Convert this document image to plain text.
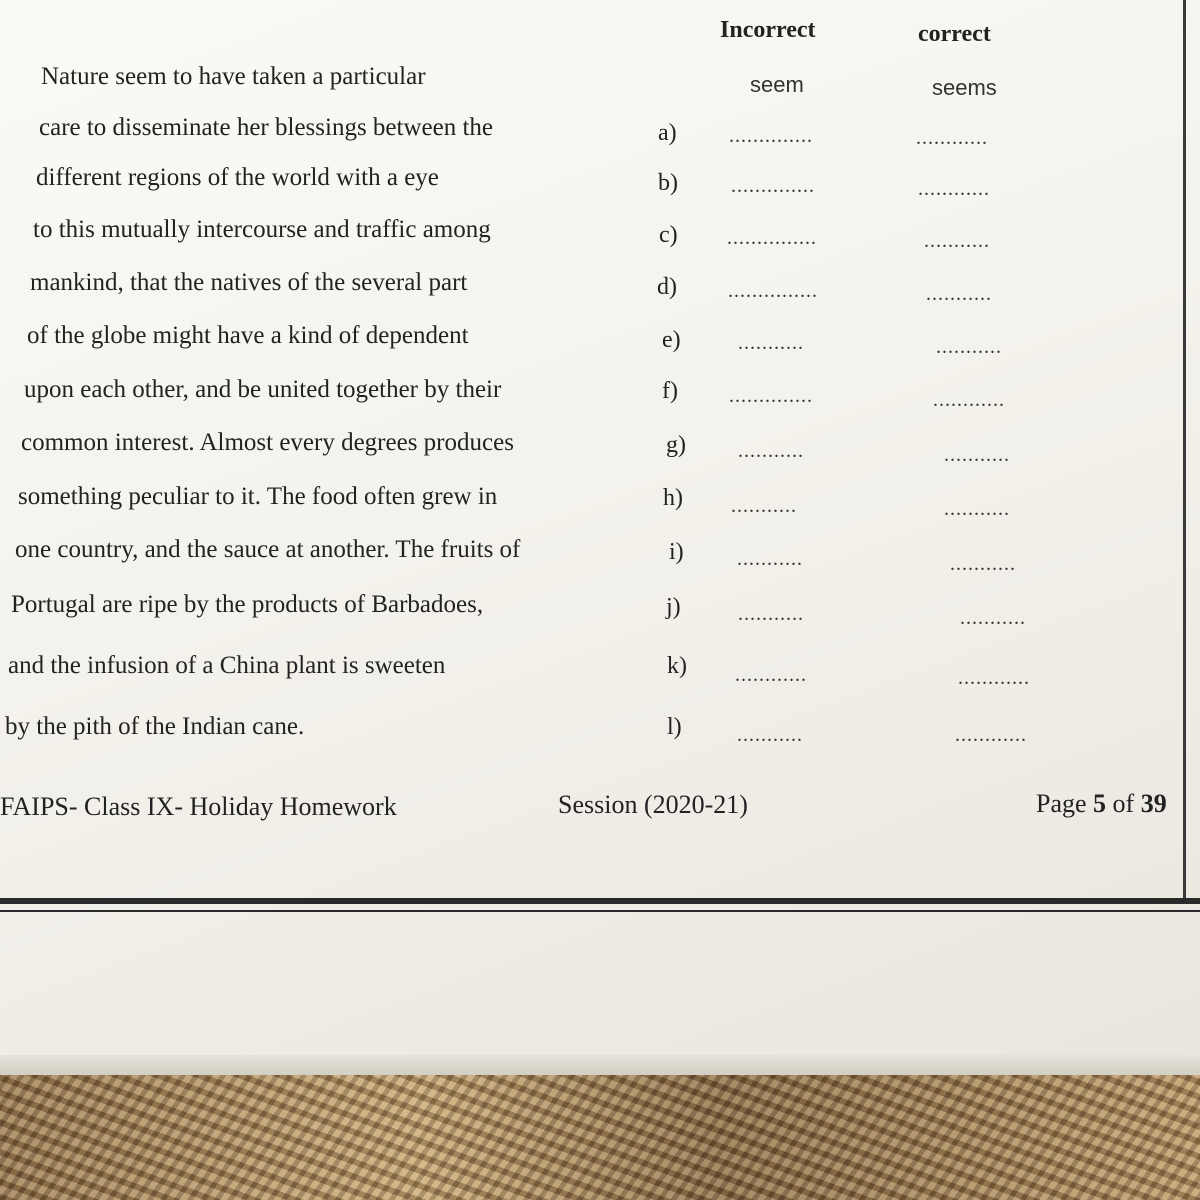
Incorrect	correct
seem	seems
Nature seem to have taken a particular
care to disseminate her blessings between the
different regions of the world with a eye
to this mutually intercourse and traffic among
mankind, that the natives of the several part
of the globe might have a kind of dependent
upon each other, and be united together by their
common interest. Almost every degrees produces
something peculiar to it. The food often grew in
one country, and the sauce at another. The fruits of
Portugal are ripe by the products of Barbadoes,
and the infusion of a China plant is sweeten
by the pith of the Indian cane.
a)	..............	............
b)	..............	............
c) ...............	...........
d)	...............	...........
e)	...........	...........
f)	..............	............
g)	...........	...........
h) ...........	...........
i)	...........	...........
j)	...........	...........
k) ............	............
l)	...........	............
FAIPS- Class IX- Holiday Homework	Session (2020-21)	Page 5 of 39
